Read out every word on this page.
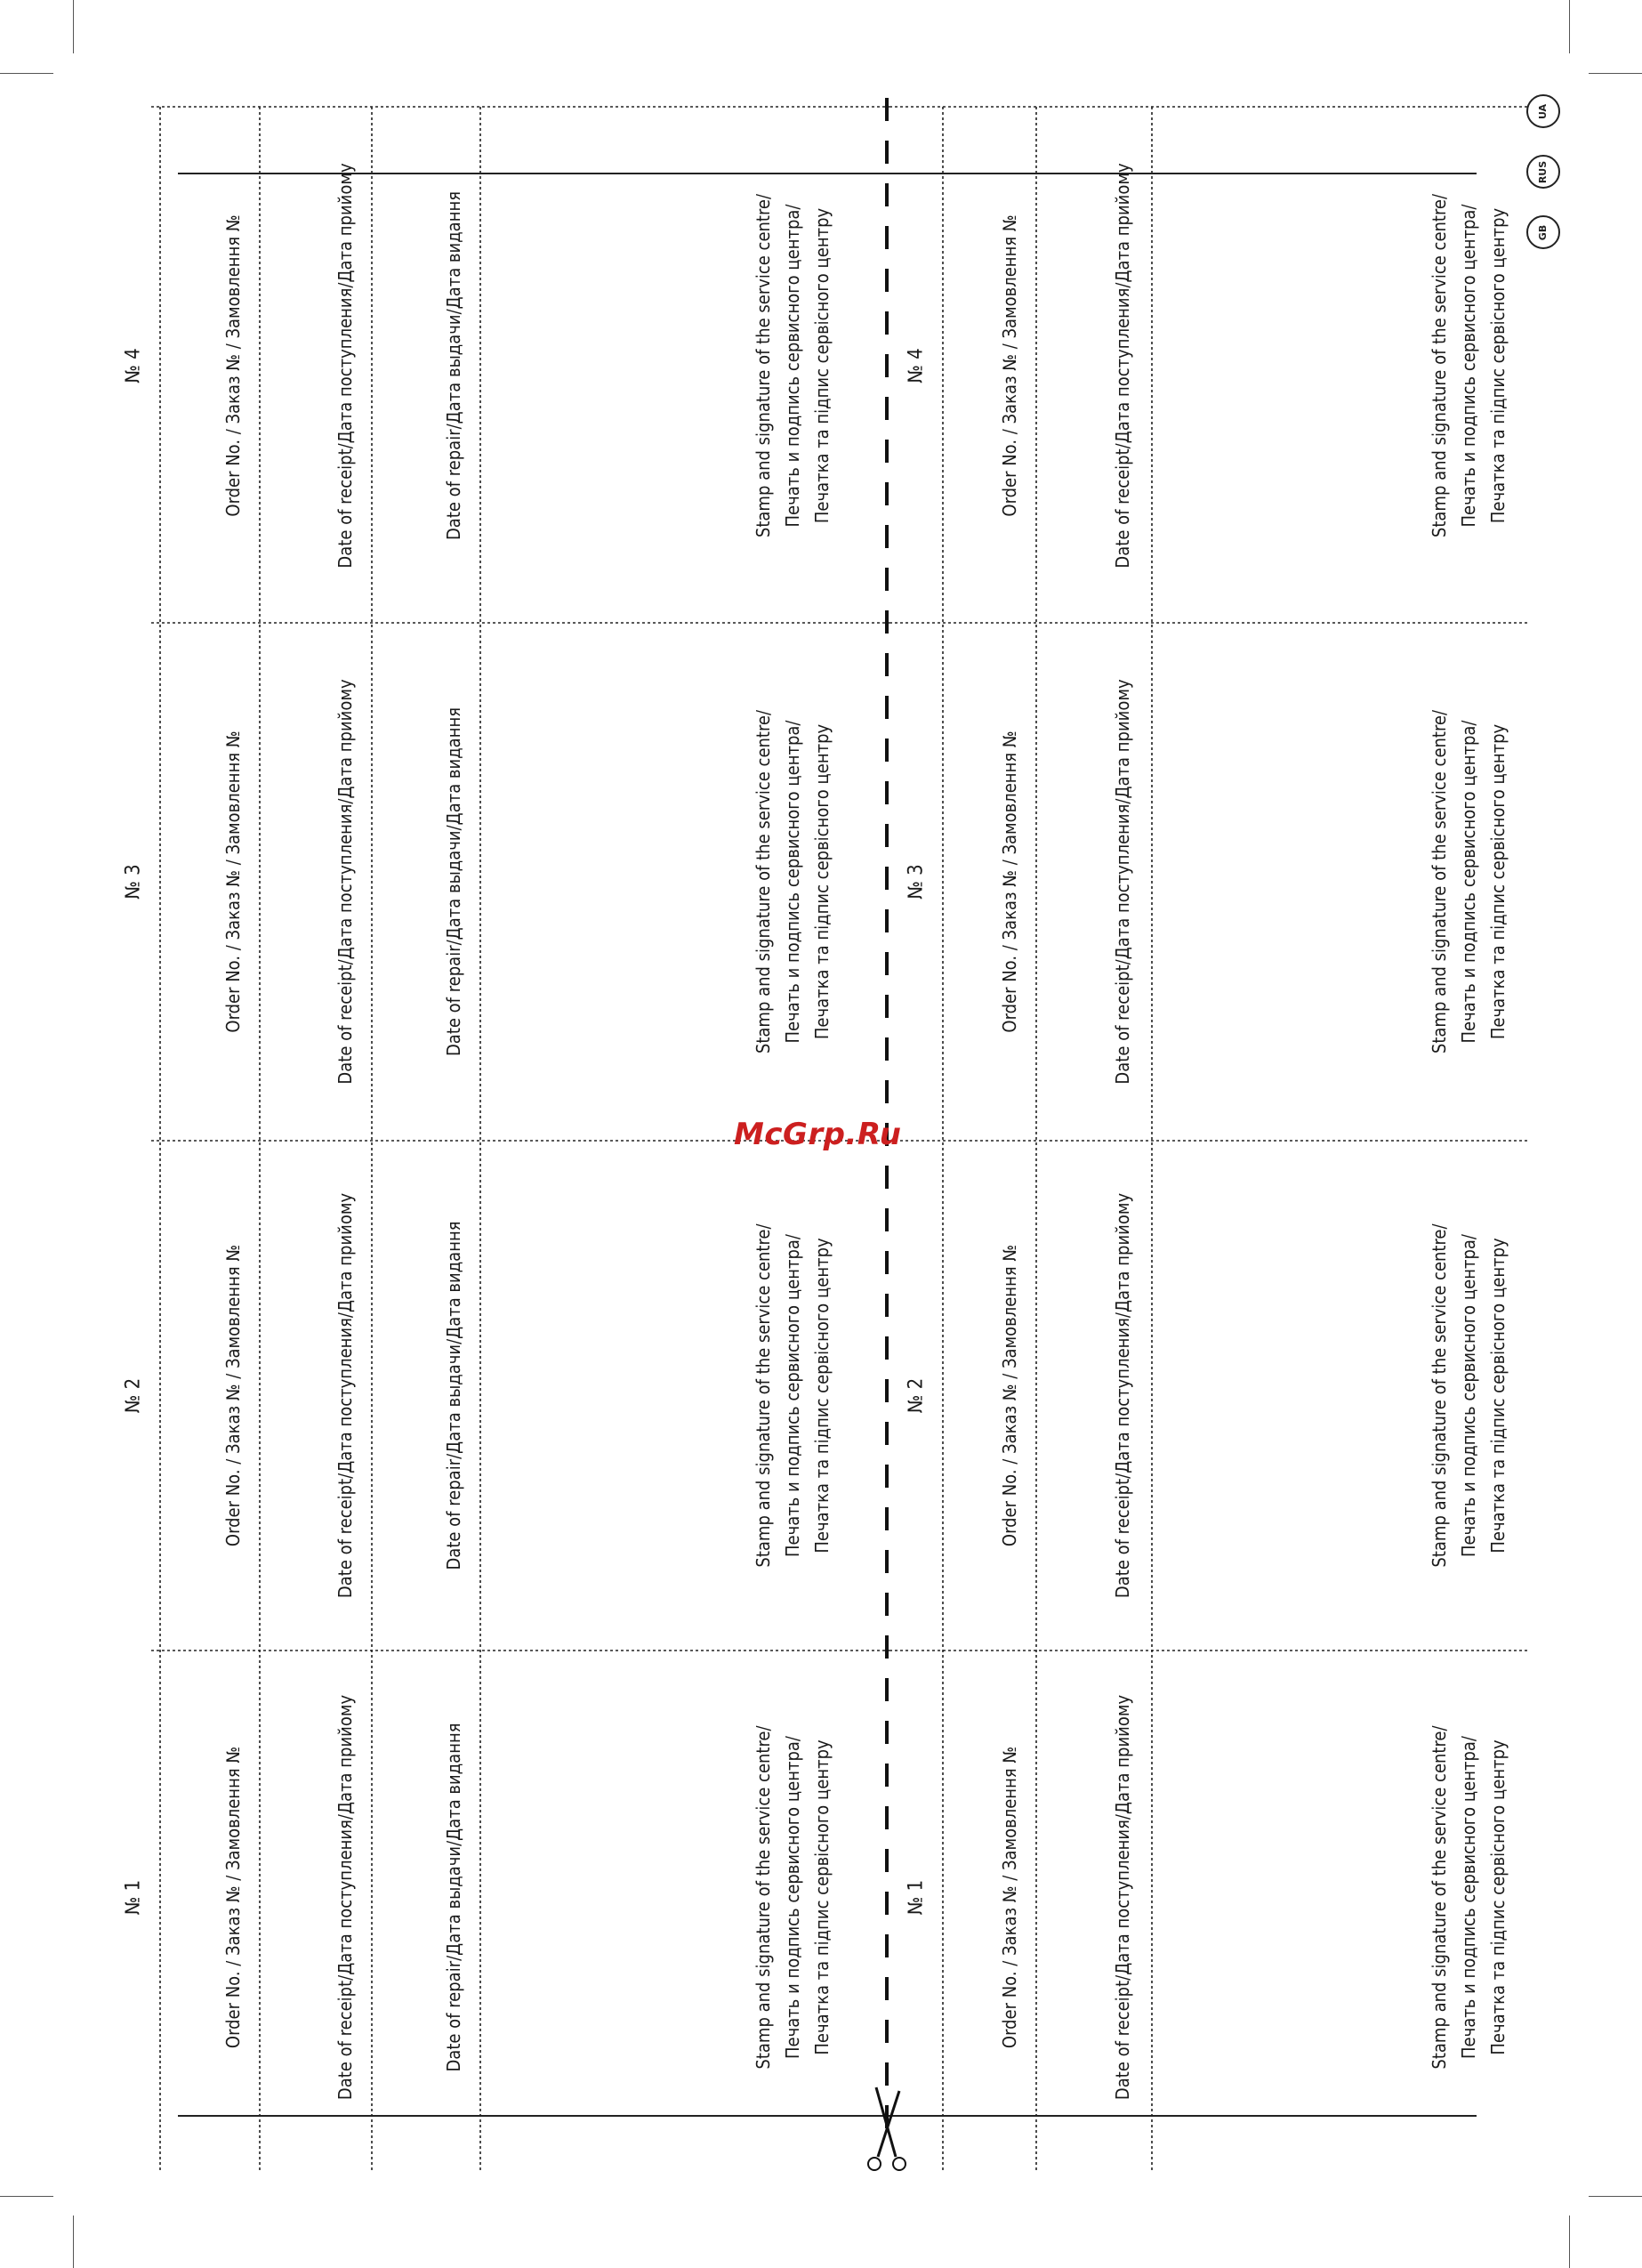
UA
RUS
GB
№ 1	Order No. / Заказ № / Замовлення №	Date of receipt/Дата поступления/Дата прийому	Date of repair/Дата выдачи/Дата видання	Stamp and signature of the service centre/ Печать и подпись сервисного центра/ Печатка та підпис сервісного центру
№ 2	Order No. / Заказ № / Замовлення №	Date of receipt/Дата поступления/Дата прийому	Date of repair/Дата выдачи/Дата видання	Stamp and signature of the service centre/ Печать и подпись сервисного центра/ Печатка та підпис сервісного центру
№ 3	Order No. / Заказ № / Замовлення №	Date of receipt/Дата поступления/Дата прийому	Date of repair/Дата выдачи/Дата видання	Stamp and signature of the service centre/ Печать и подпись сервисного центра/ Печатка та підпис сервісного центру
№ 4	Order No. / Заказ № / Замовлення №	Date of receipt/Дата поступления/Дата прийому	Date of repair/Дата выдачи/Дата видання	Stamp and signature of the service centre/ Печать и подпись сервисного центра/ Печатка та підпис сервісного центру
№ 1	Order No. / Заказ № / Замовлення №	Date of receipt/Дата поступления/Дата прийому	Stamp and signature of the service centre/ Печать и подпись сервисного центра/ Печатка та підпис сервісного центру
№ 2	Order No. / Заказ № / Замовлення №	Date of receipt/Дата поступления/Дата прийому	Stamp and signature of the service centre/ Печать и подпись сервисного центра/ Печатка та підпис сервісного центру
№ 3	Order No. / Заказ № / Замовлення №	Date of receipt/Дата поступления/Дата прийому	Stamp and signature of the service centre/ Печать и подпись сервисного центра/ Печатка та підпис сервісного центру
№ 4	Order No. / Заказ № / Замовлення №	Date of receipt/Дата поступления/Дата прийому	Stamp and signature of the service centre/ Печать и подпись сервисного центра/ Печатка та підпис сервісного центру
McGrp.Ru
